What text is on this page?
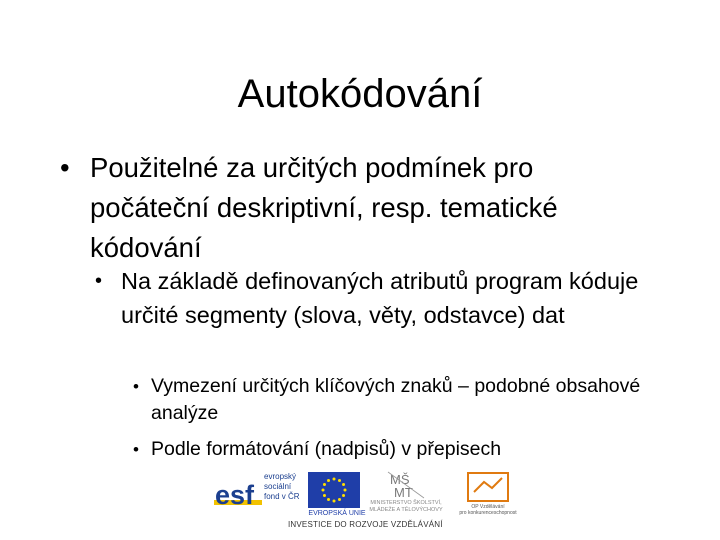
Autokódování
• Použitelné za určitých podmínek pro počáteční deskriptivní, resp. tematické kódování
• Na základě definovaných atributů program kóduje určité segmenty (slova, věty, odstavce) dat
• Vymezení určitých klíčových znaků – podobné obsahové analýze
• Podle formátování (nadpisů) v přepisech
esf
evropský
sociální
fond v ČR
EVROPSKÁ UNIE
MŠ
MT
MINISTERSTVO ŠKOLSTVÍ,
MLÁDEŽE A TĚLOVÝCHOVY	OP Vzdělávání
pro konkurenceschopnost
INVESTICE DO ROZVOJE VZDĚLÁVÁNÍ
